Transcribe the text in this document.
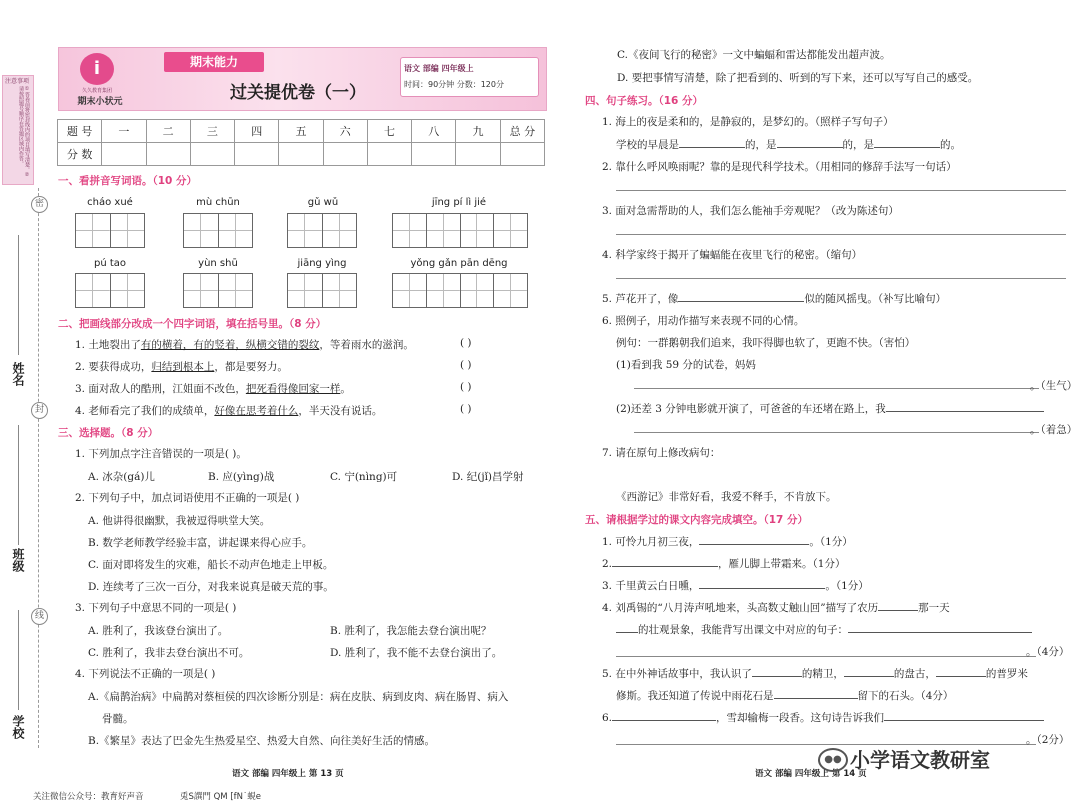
注意事项
①答卷前将密封线内的项目填写清楚。②请按照题号顺序在答题区域内作答。
密
封
线
姓名
班级
学校
i
久久教育集团
期末小状元
期末能力
过关提优卷（一）
语文 部编 四年级上
时间：90分钟 分数：120分
题 号	一	二	三	四	五	六	七	八	九	总 分
分 数										
一、看拼音写词语。（10 分）
cháo xué	mù chūn	gǔ wǔ	jīng pí lì jié
pú tao	yùn shū	jiāng yìng	yǒng gǎn pān dēng
二、把画线部分改成一个四字词语，填在括号里。（8 分）
1. 土地裂出了有的横着，有的竖着，纵横交错的裂纹，等着雨水的滋润。	( )
2. 要获得成功，归结到根本上，都是要努力。	( )
3. 面对敌人的酷刑，江姐面不改色，把死看得像回家一样。	( )
4. 老师看完了我们的成绩单，好像在思考着什么，半天没有说话。	( )
三、选择题。（8 分）
1. 下列加点字注音错误的一项是( )。
A. 冰杂(gá)儿	B. 应(yìng)战	C. 宁(nìng)可	D. 纪(jǐ)昌学射
2. 下列句子中，加点词语使用不正确的一项是( )
A. 他讲得很幽默，我被逗得哄堂大笑。
B. 数学老师教学经验丰富，讲起课来得心应手。
C. 面对即将发生的灾难，船长不动声色地走上甲板。
D. 连续考了三次一百分，对我来说真是破天荒的事。
3. 下列句子中意思不同的一项是( )
A. 胜利了，我该登台演出了。	B. 胜利了，我怎能去登台演出呢？
C. 胜利了，我非去登台演出不可。	D. 胜利了，我不能不去登台演出了。
4. 下列说法不正确的一项是( )
A.《扁鹊治病》中扁鹊对蔡桓侯的四次诊断分别是：病在皮肤、病到皮肉、病在肠胃、病入
骨髓。
B.《繁星》表达了巴金先生热爱星空、热爱大自然、向往美好生活的情感。
语文 部编 四年级上 第 13 页
关注微信公众号：教育好声音	兎S譔門 QM [fN˙蜆e
C.《夜间飞行的秘密》一文中蝙蝠和雷达都能发出超声波。
D. 要把事情写清楚，除了把看到的、听到的写下来，还可以写写自己的感受。
四、句子练习。（16 分）
1. 海上的夜是柔和的，是静寂的，是梦幻的。（照样子写句子）
学校的早晨是	的，是	的，是	的。
2. 靠什么呼风唤雨呢？靠的是现代科学技术。（用相同的修辞手法写一句话）
3. 面对急需帮助的人，我们怎么能袖手旁观呢？（改为陈述句）
4. 科学家终于揭开了蝙蝠能在夜里飞行的秘密。（缩句）
5. 芦花开了，像	似的随风摇曳。（补写比喻句）
6. 照例子，用动作描写来表现不同的心情。
例句：一群鹅朝我们追来，我吓得脚也软了，更跑不快。（害怕）
(1)看到我 59 分的试卷，妈妈
。（生气）
(2)还差 3 分钟电影就开演了，可爸爸的车还堵在路上，我
。（着急）
7. 请在原句上修改病句：
《西游记》非常好看，我爱不释手，不肯放下。
五、请根据学过的课文内容完成填空。（17 分）
1. 可怜九月初三夜，	。（1分）
2.	，雁儿脚上带霜来。（1分）
3. 千里黄云白日曛，	。（1分）
4. 刘禹锡的“八月涛声吼地来，头高数丈触山回”描写了农历	那一天
的壮观景象，我能背写出课文中对应的句子：
。（4分）
5. 在中外神话故事中，我认识了	的精卫，	的盘古，	的普罗米
修斯。我还知道了传说中雨花石是	留下的石头。（4分）
6.	，雪却输梅一段香。这句诗告诉我们
。（2分）
语文 部编 四年级上 第 14 页
●● 小学语文教研室
